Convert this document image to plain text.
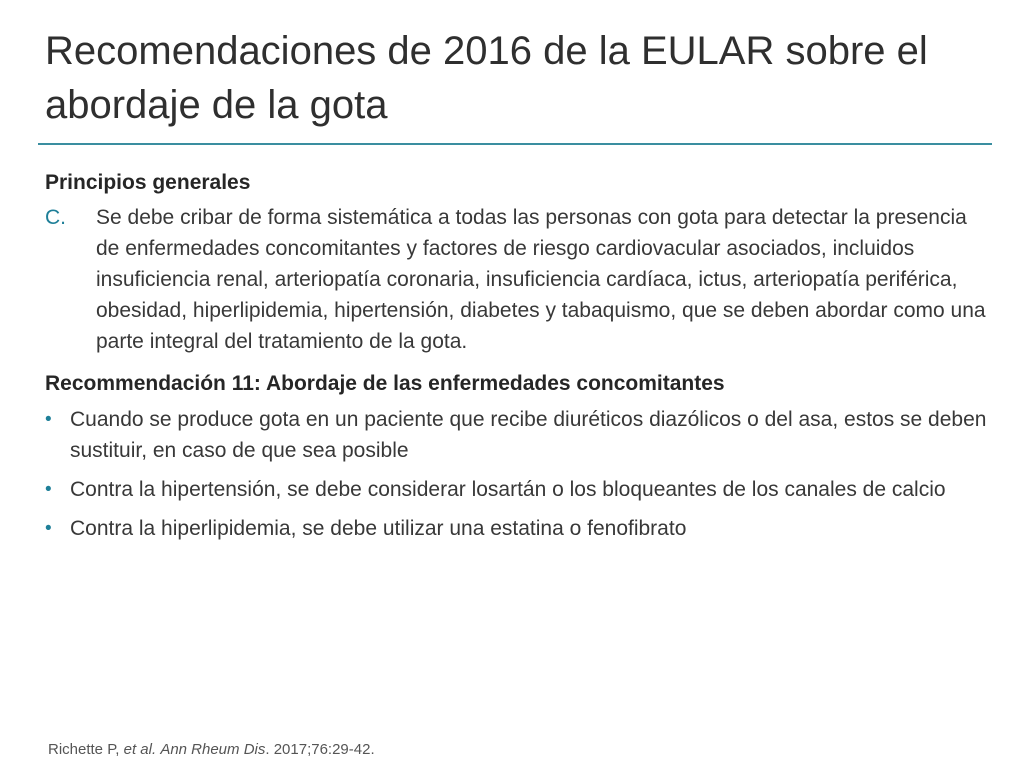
Recomendaciones de 2016 de la EULAR sobre el abordaje de la gota
Principios generales
C.	Se debe cribar de forma sistemática a todas las personas con gota para detectar la presencia de enfermedades concomitantes y factores de riesgo cardiovacular asociados, incluidos insuficiencia renal, arteriopatía coronaria, insuficiencia cardíaca, ictus, arteriopatía periférica, obesidad, hiperlipidemia, hipertensión, diabetes y tabaquismo, que se deben abordar como una parte integral del tratamiento de la gota.
Recommendación 11: Abordaje de las enfermedades concomitantes
• Cuando se produce gota en un paciente que recibe diuréticos diazólicos o del asa, estos se deben sustituir, en caso de que sea posible
• Contra la hipertensión, se debe considerar losartán o los bloqueantes de los canales de calcio
• Contra la hiperlipidemia, se debe utilizar una estatina o fenofibrato
Richette P, et al. Ann Rheum Dis. 2017;76:29-42.
